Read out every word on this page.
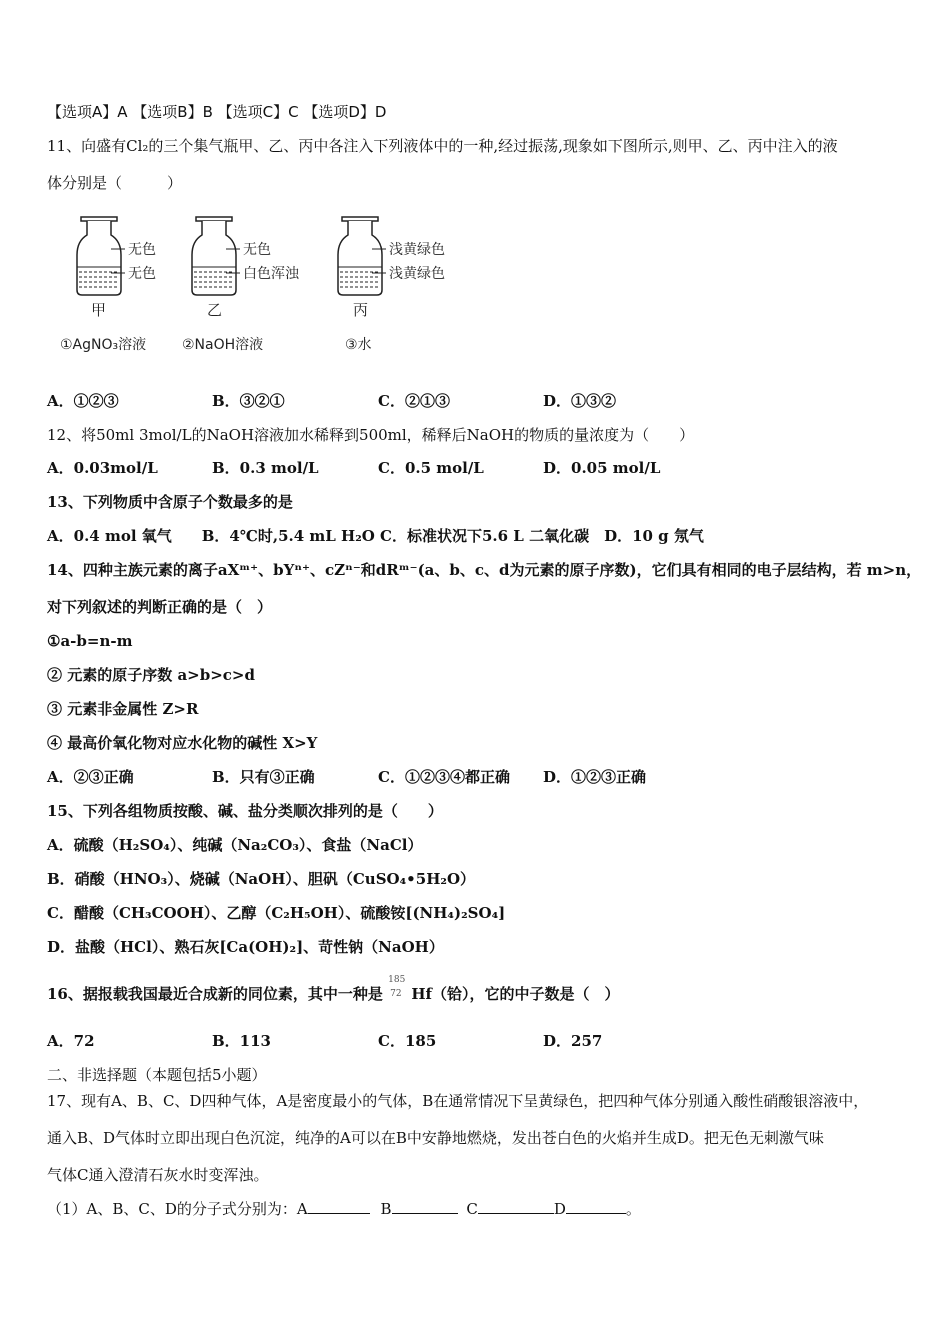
【选项A】A 【选项B】B 【选项C】C 【选项D】D
11、向盛有Cl₂的三个集气瓶甲、乙、丙中各注入下列液体中的一种,经过振荡,现象如下图所示,则甲、乙、丙中注入的液
体分别是（　　　）
无色
无色
甲
无色
白色浑浊
乙
浅黄绿色
浅黄绿色
丙
①AgNO₃溶液	②NaOH溶液	③水
A．①②③	B．③②①	C．②①③	D．①③②
12、将50ml 3mol/L的NaOH溶液加水稀释到500ml，稀释后NaOH的物质的量浓度为（　　）
A．0.03mol/L	B．0.3 mol/L	C．0.5 mol/L	D．0.05 mol/L
13、下列物质中含原子个数最多的是
A．0.4 mol 氧气　　B．4℃时,5.4 mL H₂O C．标准状况下5.6 L 二氧化碳　D．10 g 氖气
14、四种主族元素的离子aXᵐ⁺、bYⁿ⁺、cZⁿ⁻和dRᵐ⁻(a、b、c、d为元素的原子序数)，它们具有相同的电子层结构，若 m>n，
对下列叙述的判断正确的是（　）
①a-b=n-m
② 元素的原子序数 a>b>c>d
③ 元素非金属性 Z>R
④ 最高价氧化物对应水化物的碱性 X>Y
A．②③正确	B．只有③正确	C．①②③④都正确 D．①②③正确
15、下列各组物质按酸、碱、盐分类顺次排列的是（　　）
A．硫酸（H₂SO₄）、纯碱（Na₂CO₃）、食盐（NaCl）
B．硝酸（HNO₃）、烧碱（NaOH）、胆矾（CuSO₄•5H₂O）
C．醋酸（CH₃COOH）、乙醇（C₂H₅OH）、硫酸铵[(NH₄)₂SO₄]
D．盐酸（HCl）、熟石灰[Ca(OH)₂]、苛性钠（NaOH）
16、据报载我国最近合成新的同位素，其中一种是
185
72 Hf（铪），它的中子数是（　）
A．72	B．113	C．185	D．257
二、非选择题（本题包括5小题）
17、现有A、B、C、D四种气体，A是密度最小的气体，B在通常情况下呈黄绿色，把四种气体分别通入酸性硝酸银溶液中，
通入B、D气体时立即出现白色沉淀，纯净的A可以在B中安静地燃烧，发出苍白色的火焰并生成D。把无色无刺激气味
气体C通入澄清石灰水时变浑浊。
（1）A、B、C、D的分子式分别为：A	B	C	D	。
